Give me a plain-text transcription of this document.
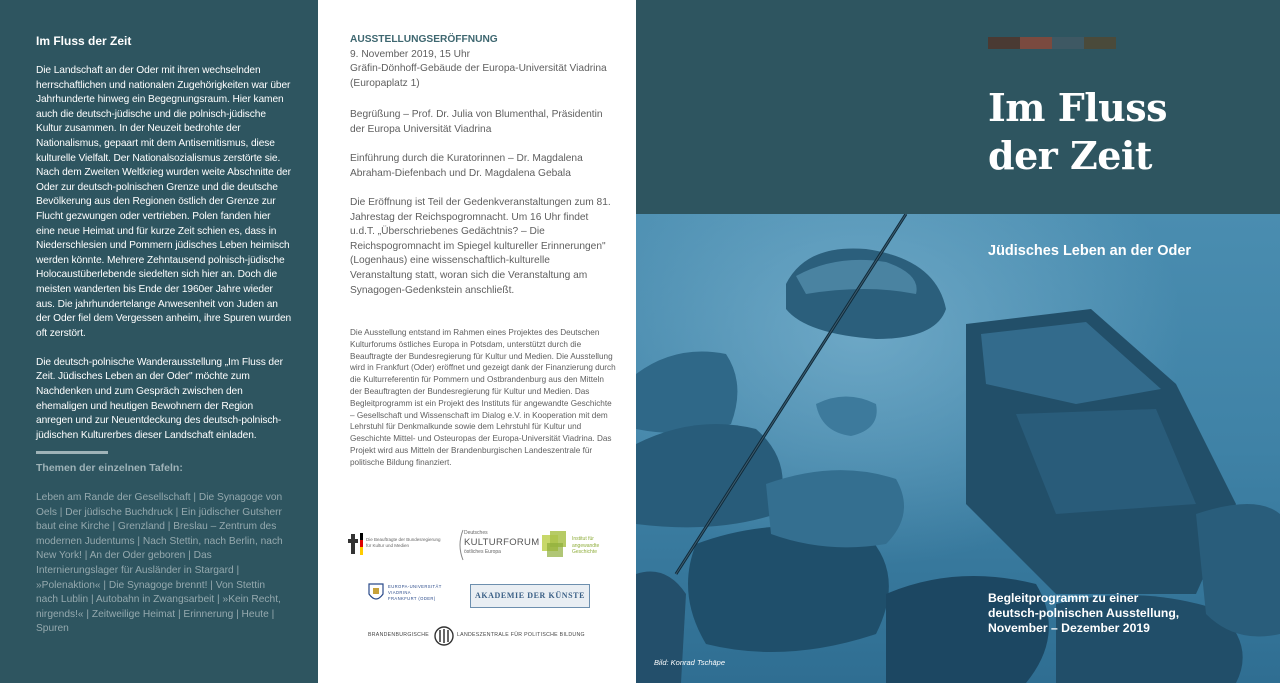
Im Fluss der Zeit

Die Landschaft an der Oder mit ihren wechselnden herrschaftlichen und nationalen Zugehörigkeiten war über Jahrhunderte hinweg ein Begegnungsraum. Hier kamen auch die deutsch-jüdische und die polnisch-jüdische Kultur zusammen. In der Neuzeit bedrohte der Nationalismus, gepaart mit dem Antisemitismus, diese kulturelle Vielfalt. Der Nationalsozialismus zerstörte sie. Nach dem Zweiten Weltkrieg wurden weite Abschnitte der Oder zur deutsch-polnischen Grenze und die deutsche Bevölkerung aus den Regionen östlich der Grenze zur Flucht gezwungen oder vertrieben. Polen fanden hier eine neue Heimat und für kurze Zeit schien es, dass in Niederschlesien und Pommern jüdisches Leben heimisch werden könnte. Mehrere Zehntausend polnisch-jüdische Holocaustüberlebende siedelten sich hier an. Doch die meisten wanderten bis Ende der 1960er Jahre wieder aus. Die jahrhundertelange Anwesenheit von Juden an der Oder fiel dem Vergessen anheim, ihre Spuren wurden oft zerstört.

Die deutsch-polnische Wanderausstellung „Im Fluss der Zeit. Jüdisches Leben an der Oder" möchte zum Nachdenken und zum Gespräch zwischen den ehemaligen und heutigen Bewohnern der Region anregen und zur Neuentdeckung des deutsch-polnisch-jüdischen Kulturerbes dieser Landschaft einladen.

Themen der einzelnen Tafeln:
Leben am Rande der Gesellschaft | Die Synagoge von Oels | Der jüdische Buchdruck | Ein jüdischer Gutsherr baut eine Kirche | Grenzland | Breslau – Zentrum des modernen Judentums | Nach Stettin, nach Berlin, nach New York! | An der Oder geboren | Das Internierungslager für Ausländer in Stargard | »Polenaktion« | Die Synagoge brennt! | Von Stettin nach Lublin | Autobahn in Zwangsarbeit | »Kein Recht, nirgends!« | Zeitweilige Heimat | Erinnerung | Heute | Spuren

AUSSTELLUNGSERÖFFNUNG

9. November 2019, 15 Uhr

Gräfin-Dönhoff-Gebäude der Europa-Universität Viadrina (Europaplatz 1)

Begrüßung – Prof. Dr. Julia von Blumenthal, Präsidentin der Europa Universität Viadrina

Einführung durch die Kuratorinnen – Dr. Magdalena Abraham-Diefenbach und Dr. Magdalena Gebala

Die Eröffnung ist Teil der Gedenkveranstaltungen zum 81. Jahrestag der Reichspogromnacht. Um 16 Uhr findet u.d.T. „Überschriebenes Gedächtnis? – Die Reichspogromnacht im Spiegel kultureller Erinnerungen" (Logenhaus) eine wissenschaftlich-kulturelle Veranstaltung statt, woran sich die Veranstaltung am Synagogen-Gedenkstein anschließt.

Die Ausstellung entstand im Rahmen eines Projektes des Deutschen Kulturforums östliches Europa in Potsdam, unterstützt durch die Beauftragte der Bundesregierung für Kultur und Medien. Die Ausstellung wird in Frankfurt (Oder) eröffnet und gezeigt dank der Finanzierung durch die Kulturreferentin für Pommern und Ostbrandenburg aus den Mitteln der Beauftragten der Bundesregierung für Kultur und Medien. Das Begleitprogramm ist ein Projekt des Instituts für angewandte Geschichte – Gesellschaft und Wissenschaft im Dialog e.V. in Kooperation mit dem Lehrstuhl für Denkmalkunde sowie dem Lehrstuhl für Kultur und Geschichte Mittel- und Osteuropas der Europa-Universität Viadrina. Das Projekt wird aus Mitteln der Brandenburgischen Landeszentrale für politische Bildung finanziert.

Die Beauftragte der Bundesregierung
für Kultur und Medien
Deutsches
KULTURFORUM
östliches Europa
Institut für
angewandte
Geschichte
EUROPA-UNIVERSITÄT
VIADRINA
FRANKFURT (ODER)	AKADEMIE DER KÜNSTE
BRANDENBURGISCHE	LANDESZENTRALE FÜR POLITISCHE BILDUNG
Im Fluss
der Zeit
Jüdisches Leben an der Oder
Begleitprogramm zu einer
deutsch-polnischen Ausstellung,
November – Dezember 2019
Bild: Konrad Tschäpe
